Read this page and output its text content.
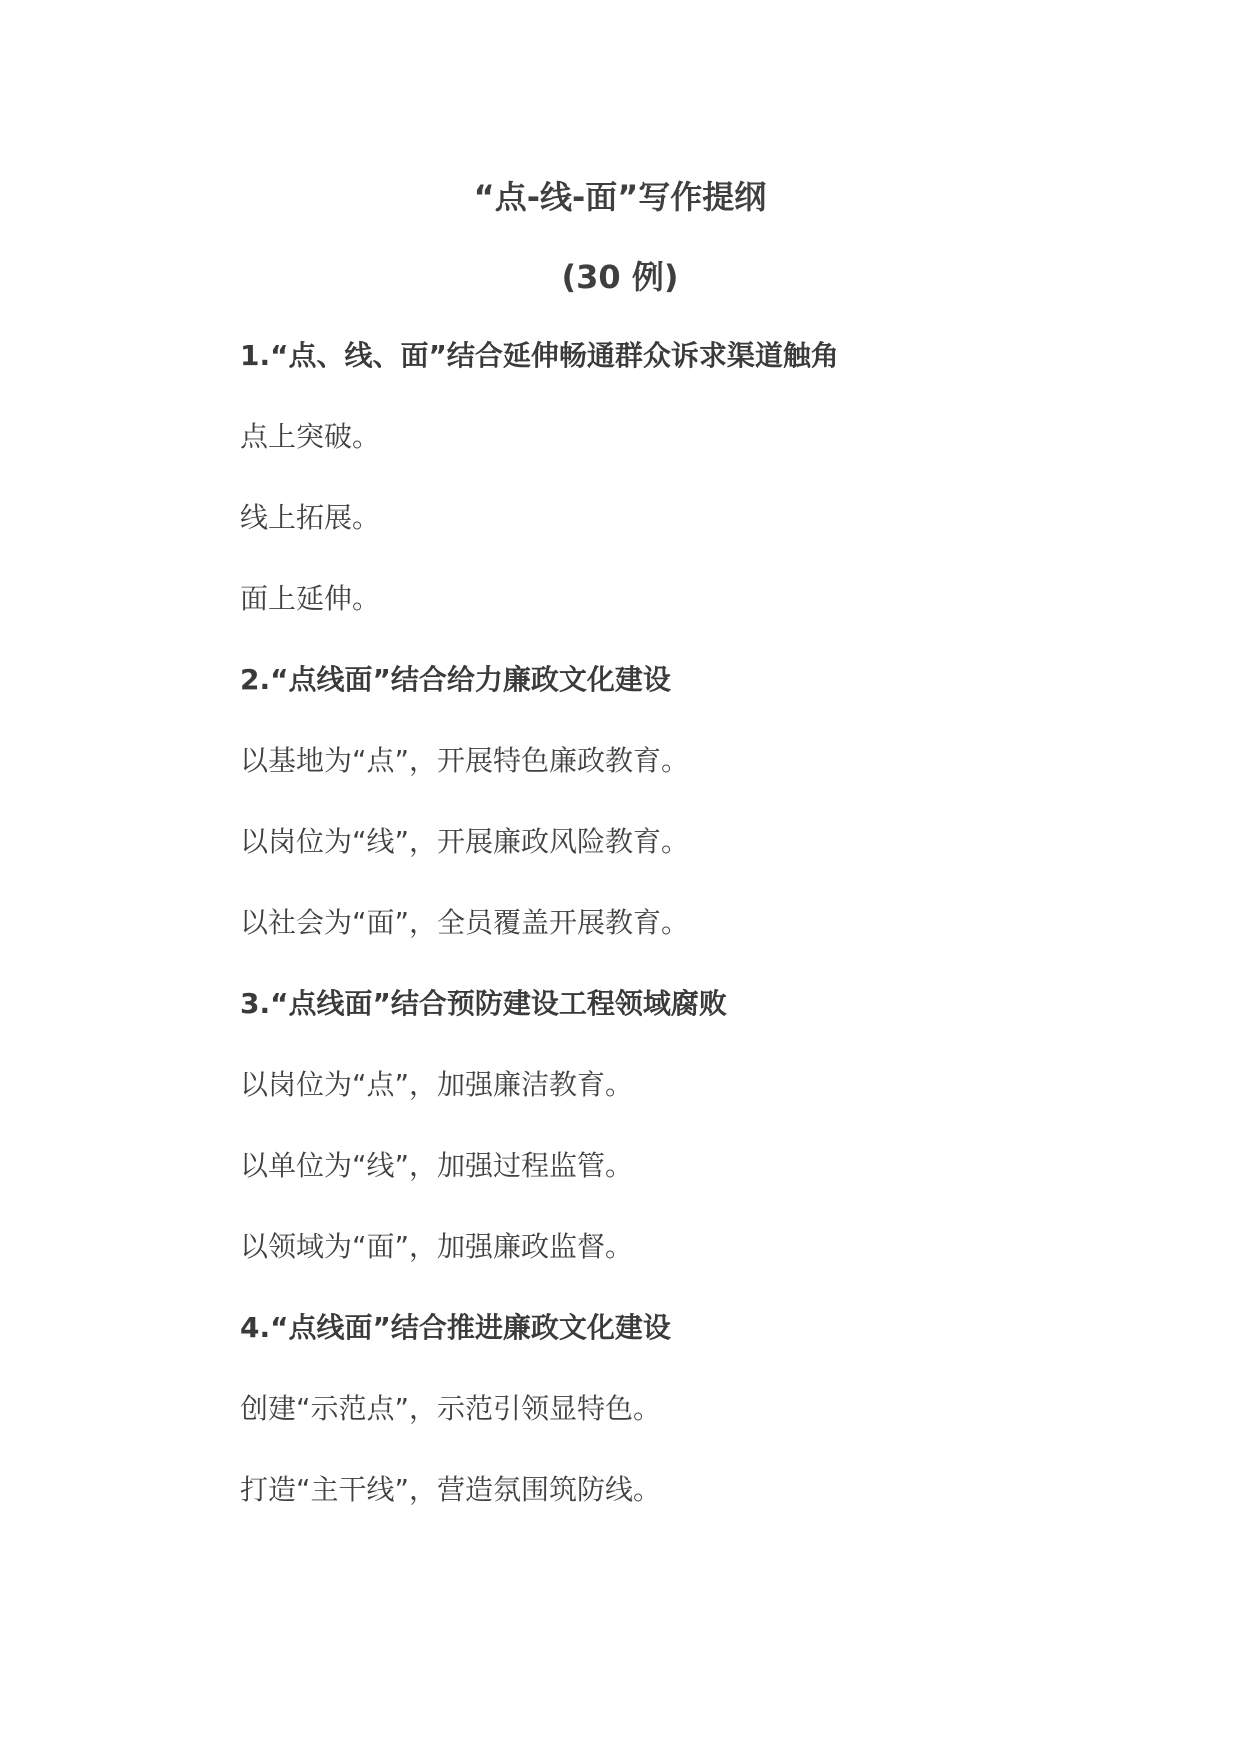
“点-线-面”写作提纲
(30 例)
1.“点、线、面”结合延伸畅通群众诉求渠道触角
点上突破。
线上拓展。
面上延伸。
2.“点线面”结合给力廉政文化建设
以基地为“点”，开展特色廉政教育。
以岗位为“线”，开展廉政风险教育。
以社会为“面”，全员覆盖开展教育。
3.“点线面”结合预防建设工程领域腐败
以岗位为“点”，加强廉洁教育。
以单位为“线”，加强过程监管。
以领域为“面”，加强廉政监督。
4.“点线面”结合推进廉政文化建设
创建“示范点”，示范引领显特色。
打造“主干线”，营造氛围筑防线。
